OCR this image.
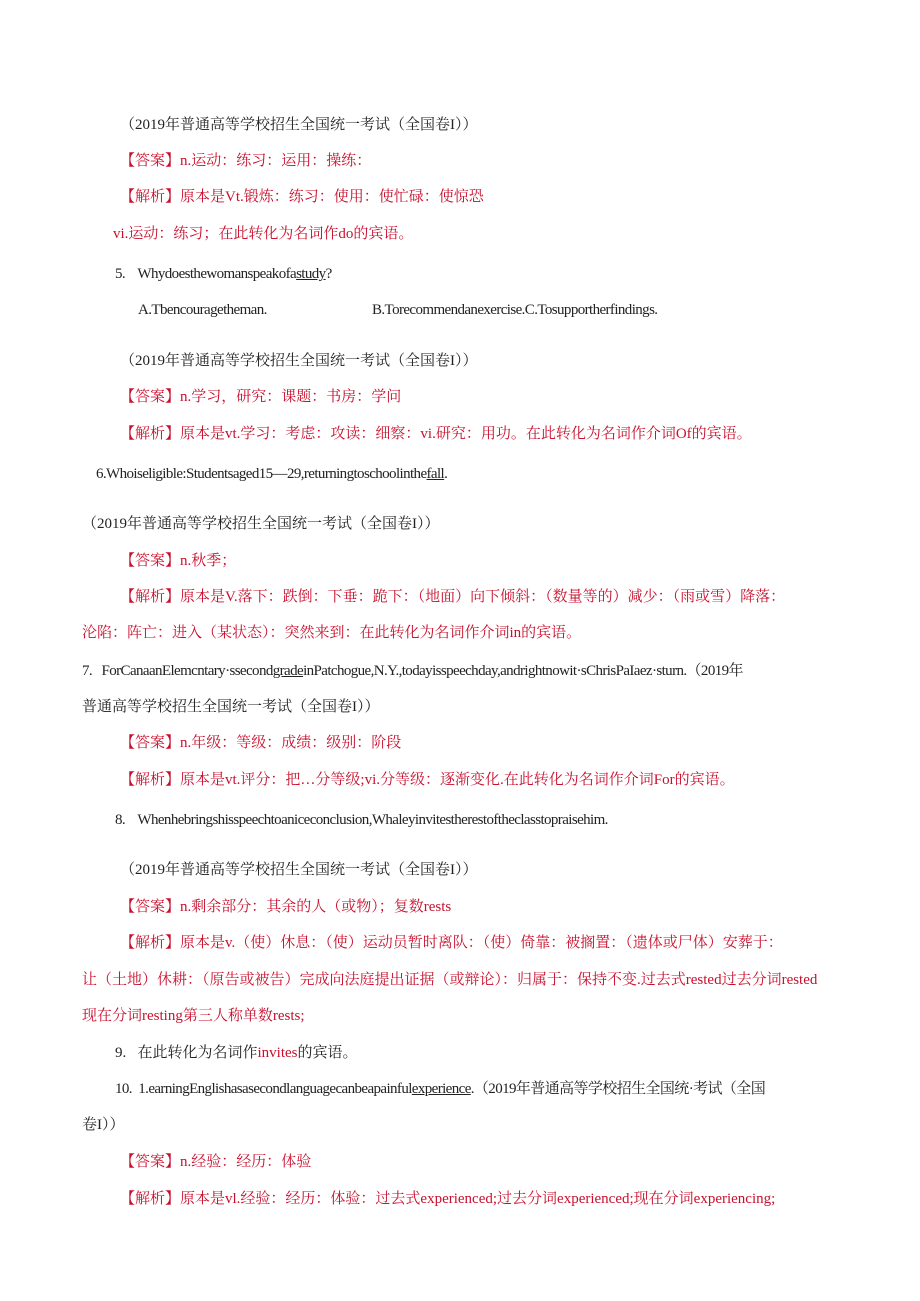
（2019年普通高等学校招生全国统一考试（全国卷I））
【答案】n.运动：练习：运用：操练：
【解析】原本是Vt.锻炼：练习：使用：使忙碌：使惊恐
vi.运动：练习；在此转化为名词作do的宾语。
5. Whydoesthewomanspeakofastudy?
A.Tbencouragetheman.	B.Torecommendanexercise.C.Tosupportherfindings.
（2019年普通高等学校招生全国统一考试（全国卷I））
【答案】n.学习，研究：课题：书房：学问
【解析】原本是vt.学习：考虑：攻读：细察：vi.研究：用功。在此转化为名词作介词Of的宾语。
6.Whoiseligible:Studentsaged15—29,returningtoschoolinthefall.
（2019年普通高等学校招生全国统一考试（全国卷I））
【答案】n.秋季；
【解析】原本是V.落下：跌倒：下垂：跪下：（地面）向下倾斜：（数量等的）减少：（雨或雪）降落：
沦陷：阵亡：进入（某状态）：突然来到：在此转化为名词作介词in的宾语。
7. ForCanaanElemcntary·ssecondgradeinPatchogue,N.Y.,todayisspeechday,andrightnowit·sChrisPaIaez·sturn.（2019年
普通高等学校招生全国统一考试（全国卷I））
【答案】n.年级：等级：成绩：级别：阶段
【解析】原本是vt.评分：把…分等级;vi.分等级：逐渐变化.在此转化为名词作介词For的宾语。
8. Whenhebringshisspeechtoaniceconclusion,Whaleyinvitestherestoftheclasstopraisehim.
（2019年普通高等学校招生全国统一考试（全国卷I））
【答案】n.剩余部分：其余的人（或物）；复数rests
【解析】原本是v.（使）休息：（使）运动员暂时离队：（使）倚靠：被搁置：（遗体或尸体）安葬于：
让（土地）休耕：（原告或被告）完成向法庭提出证据（或辩论）：归属于：保持不变.过去式rested过去分词rested
现在分词resting第三人称单数rests;
9. 在此转化为名词作invites的宾语。
10. 1.earningEnglishasasecondlanguagecanbeapainfulexperience.（2019年普通高等学校招生全国统·考试（全国
卷I））
【答案】n.经验：经历：体验
【解析】原本是vl.经验：经历：体验：过去式experienced;过去分词experienced;现在分词experiencing;
